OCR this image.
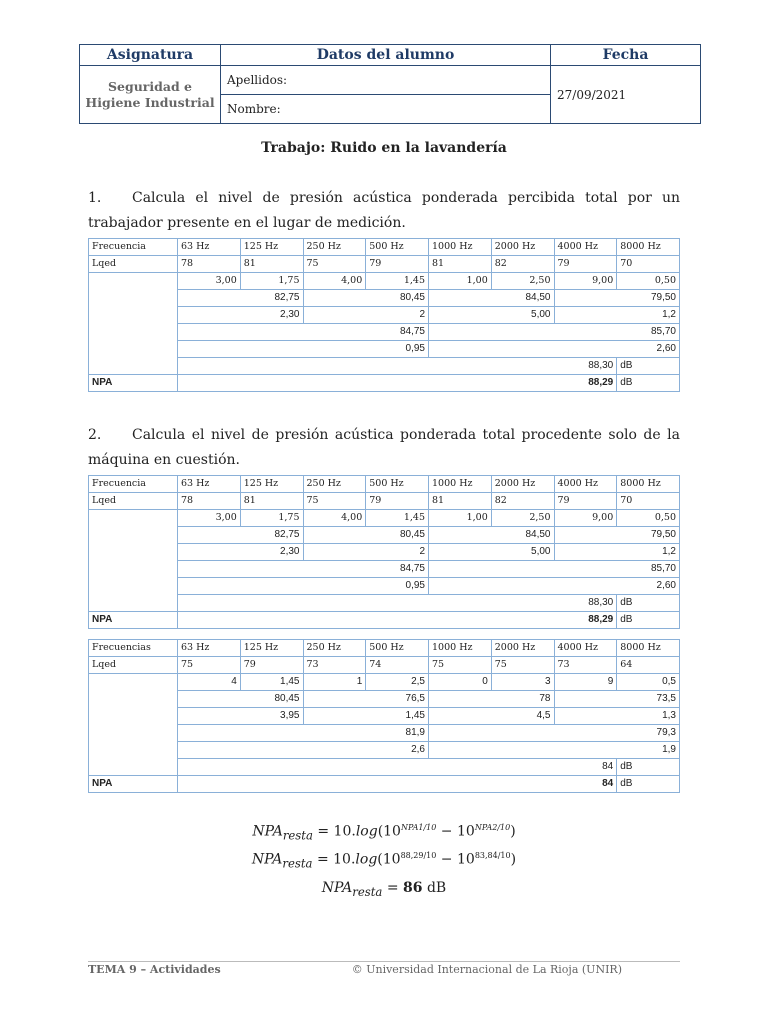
Asignatura	Datos del alumno	Fecha

Seguridad e
Higiene Industrial	Apellidos:	27/09/2021
	Nombre:	
Trabajo: Ruido en la lavandería
1. Calcula el nivel de presión acústica ponderada percibida total por un trabajador presente en el lugar de medición.
Frecuencia	63 Hz	125 Hz	250 Hz	500 Hz	1000 Hz	2000 Hz	4000 Hz	8000 Hz
Lqed	78	81	75	79	81	82	79	70
	3,00	1,75	4,00	1,45	1,00	2,50	9,00	0,50
	82,75		80,45		84,50		79,50	
	2,30		2		5,00		1,2	
	84,75				85,70			
	0,95				2,60			
	88,30							dB
NPA	88,29							dB
2. Calcula el nivel de presión acústica ponderada total procedente solo de la máquina en cuestión.
Frecuencia	63 Hz	125 Hz	250 Hz	500 Hz	1000 Hz	2000 Hz	4000 Hz	8000 Hz
Lqed	78	81	75	79	81	82	79	70
	3,00	1,75	4,00	1,45	1,00	2,50	9,00	0,50
	82,75		80,45		84,50		79,50	
	2,30		2		5,00		1,2	
	84,75				85,70			
	0,95				2,60			
	88,30							dB
NPA	88,29							dB
Frecuencias	63 Hz	125 Hz	250 Hz	500 Hz	1000 Hz	2000 Hz	4000 Hz	8000 Hz
Lqed	75	79	73	74	75	75	73	64
	4	1,45	1	2,5	0	3	9	0,5
	80,45		76,5		78		73,5	
	3,95		1,45		4,5		1,3	
	81,9				79,3			
	2,6				1,9			
	84							dB
NPA	84							dB
$NPA_{resta} = 10.\log(10^{NPA1/10} - 10^{NPA2/10})$
$NPA_{resta} = 10.\log(10^{88,29/10} - 10^{83,84/10})$
$NPA_{resta} = 86$ dB
TEMA 9 – Actividades	© Universidad Internacional de La Rioja (UNIR)
